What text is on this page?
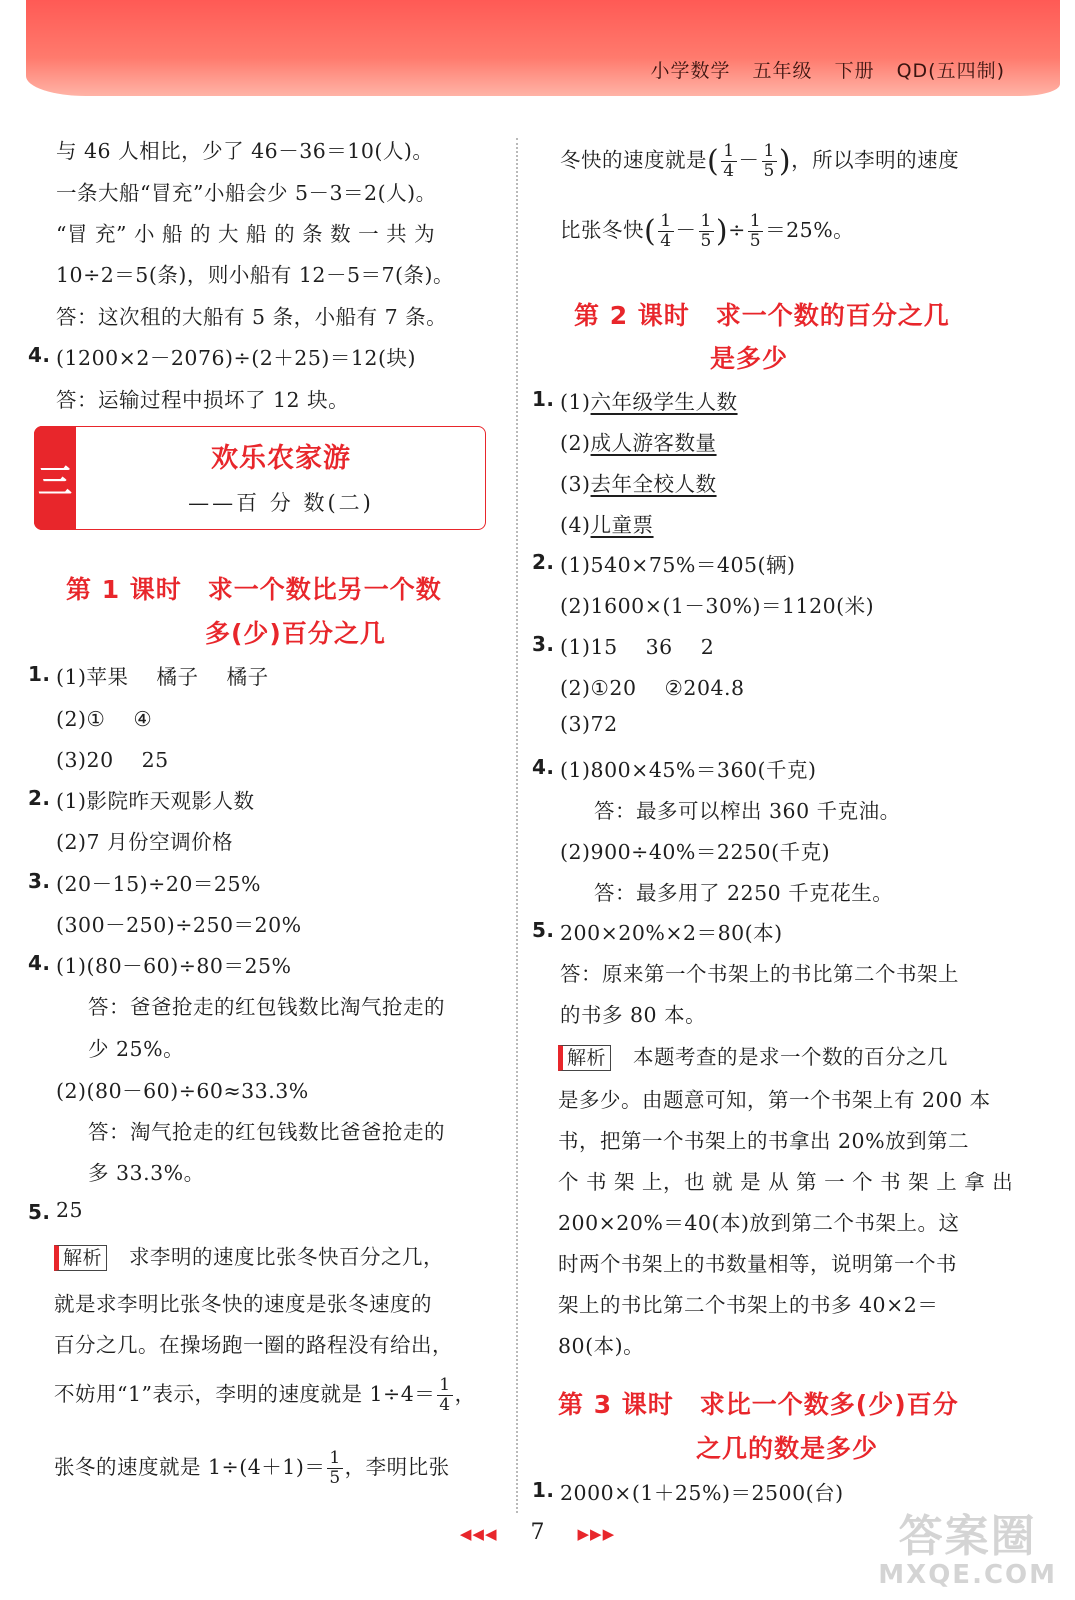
小学数学 五年级 下册 QD(五四制)
与 46 人相比，少了 46－36＝10(人)。
一条大船“冒充”小船会少 5－3＝2(人)。
“冒 充” 小 船 的 大 船 的 条 数 一 共 为
10÷2＝5(条)，则小船有 12－5＝7(条)。
答：这次租的大船有 5 条，小船有 7 条。
4. (1200×2－2076)÷(2＋25)＝12(块)
答：运输过程中损坏了 12 块。
三
欢乐农家游
——百 分 数(二)
第 1 课时　求一个数比另一个数
多(少)百分之几
1. (1)苹果　 橘子　 橘子
(2)①　 ④
(3)20　 25
2. (1)影院昨天观影人数
(2)7 月份空调价格
3. (20－15)÷20＝25%
(300－250)÷250＝20%
4. (1)(80－60)÷80＝25%
答：爸爸抢走的红包钱数比淘气抢走的
少 25%。
(2)(80－60)÷60≈33.3%
答：淘气抢走的红包钱数比爸爸抢走的
多 33.3%。
5. 25
解析 求李明的速度比张冬快百分之几，
就是求李明比张冬快的速度是张冬速度的
百分之几。在操场跑一圈的路程没有给出，
不妨用“1”表示，李明的速度就是 $1\div 4= \frac{1}{4}$ ，
张冬的速度就是 $1\div(4+1)= \frac{1}{5}$ ，李明比张
冬快的速度就是( $\frac{1}{4} - \frac{1}{5}$ )，所以李明的速度
比张冬快( $\frac{1}{4} - \frac{1}{5}$ )÷ $\frac{1}{5} =25\%$。
第 2 课时　求一个数的百分之几
是多少
1. (1)六年级学生人数
(2)成人游客数量
(3)去年全校人数
(4)儿童票
2. (1)540×75%＝405(辆)
(2)1600×(1－30%)＝1120(米)
3. (1)15　 36　 2
(2)①20　 ②204.8
(3)72
4. (1)800×45%＝360(千克)
答：最多可以榨出 360 千克油。
(2)900÷40%＝2250(千克)
答：最多用了 2250 千克花生。
5. 200×20%×2＝80(本)
答：原来第一个书架上的书比第二个书架上
的书多 80 本。
解析 本题考查的是求一个数的百分之几
是多少。由题意可知，第一个书架上有 200 本
书，把第一个书架上的书拿出 20%放到第二
个 书 架 上，也 就 是 从 第 一 个 书 架 上 拿 出
200×20%＝40(本)放到第二个书架上。这
时两个书架上的书数量相等，说明第一个书
架上的书比第二个书架上的书多 40×2＝
80(本)。
第 3 课时　求比一个数多(少)百分
之几的数是多少
1. 2000×(1＋25%)＝2500(台)
◀◀◀ 7 ▶▶▶	答案圈
MXQE.COM
